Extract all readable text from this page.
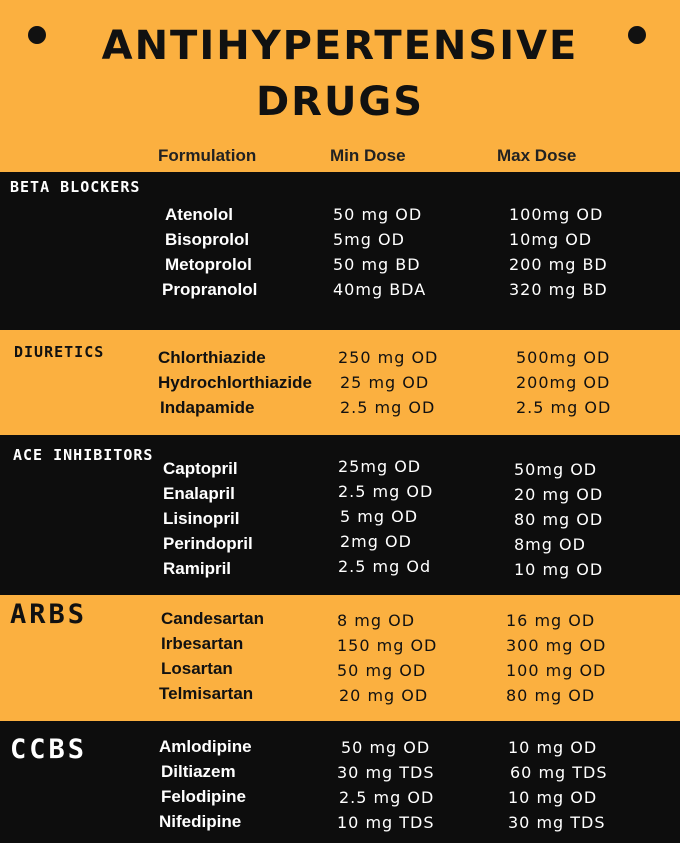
ANTIHYPERTENSIVE
DRUGS
Formulation	Min Dose	Max Dose
BETA BLOCKERS
Atenolol	50 mg OD	100mg OD
Bisoprolol	5mg OD	10mg OD
Metoprolol	50 mg BD	200 mg BD
Propranolol	40mg BDA	320 mg BD
DIURETICS	Chlorthiazide	250 mg OD	500mg OD
Hydrochlorthiazide 25 mg OD	200mg OD
Indapamide	2.5 mg OD	2.5 mg OD
ACE INHIBITORS
Captopril	25mg OD	50mg OD
Enalapril	2.5 mg OD	20 mg OD
Lisinopril	5 mg OD	80 mg OD
Perindopril	2mg OD	8mg OD
Ramipril	2.5 mg Od	10 mg OD
ARBS	Candesartan	8 mg OD	16 mg OD
Irbesartan	150 mg OD	300 mg OD
Losartan	50 mg OD	100 mg OD
Telmisartan	20 mg OD	80 mg OD
CCBS	Amlodipine	50 mg OD	10 mg OD
Diltiazem	30 mg TDS	60 mg TDS
Felodipine	2.5 mg OD	10 mg OD
Nifedipine	10 mg TDS	30 mg TDS
